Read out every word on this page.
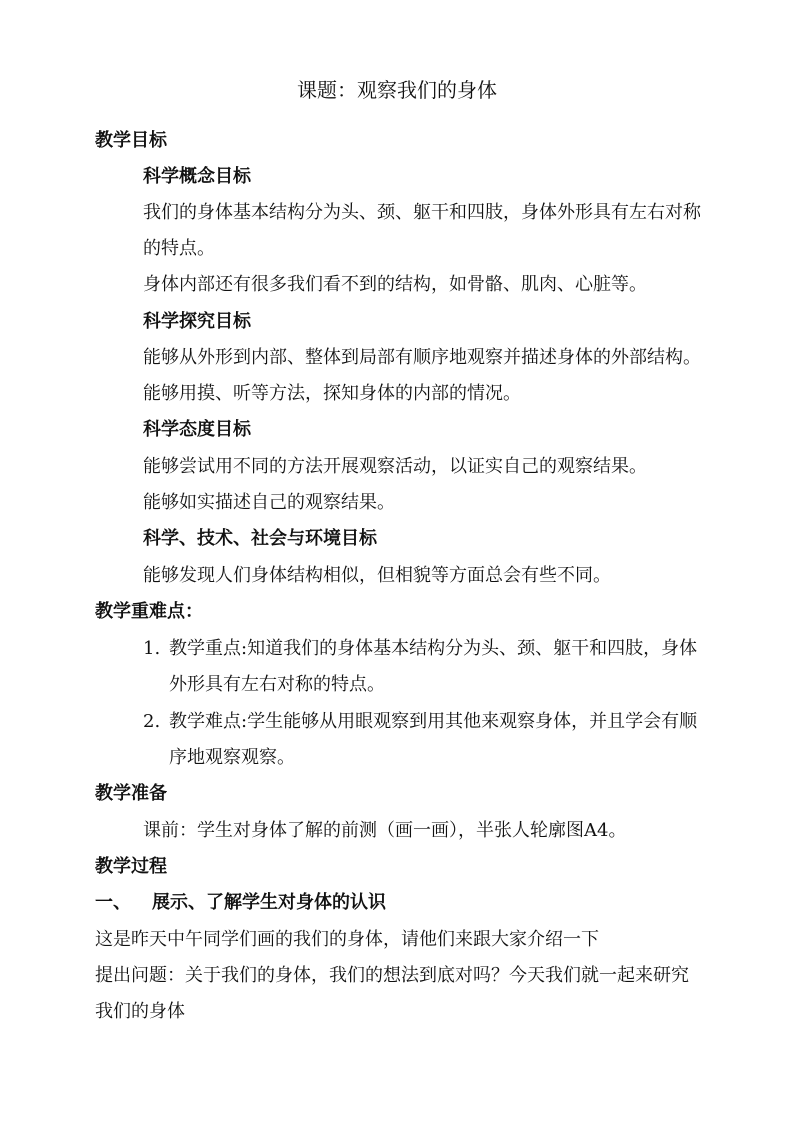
课题：观察我们的身体
教学目标
科学概念目标
我们的身体基本结构分为头、颈、躯干和四肢，身体外形具有左右对称
的特点。
身体内部还有很多我们看不到的结构，如骨骼、肌肉、心脏等。
科学探究目标
能够从外形到内部、整体到局部有顺序地观察并描述身体的外部结构。
能够用摸、听等方法，探知身体的内部的情况。
科学态度目标
能够尝试用不同的方法开展观察活动，以证实自己的观察结果。
能够如实描述自己的观察结果。
科学、技术、社会与环境目标
能够发现人们身体结构相似，但相貌等方面总会有些不同。
教学重难点：
1. 教学重点:知道我们的身体基本结构分为头、颈、躯干和四肢，身体
外形具有左右对称的特点。
2. 教学难点:学生能够从用眼观察到用其他来观察身体，并且学会有顺
序地观察观察。
教学准备
课前：学生对身体了解的前测（画一画），半张人轮廓图A4。
教学过程
一、 展示、了解学生对身体的认识
这是昨天中午同学们画的我们的身体，请他们来跟大家介绍一下
提出问题：关于我们的身体，我们的想法到底对吗？今天我们就一起来研究
我们的身体
